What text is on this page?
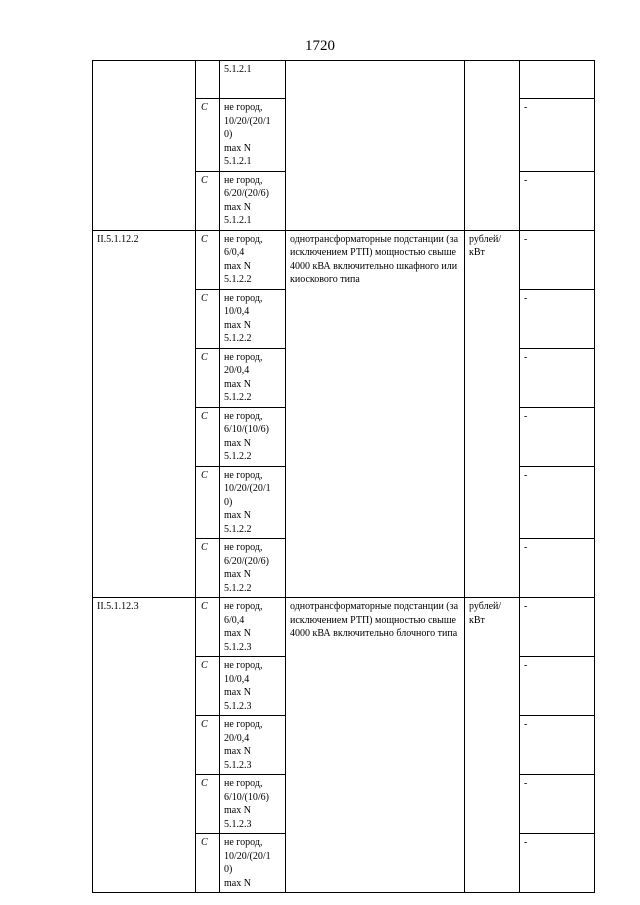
1720
		5.1.2.1			
	C	не город,
10/20/(20/1
0)
max N
5.1.2.1			-
	C	не город,
6/20/(20/6)
max N
5.1.2.1			-
II.5.1.12.2	C	не город,
6/0,4
max N
5.1.2.2	однотрансформаторные подстанции (за исключением РТП) мощностью свыше 4000 кВА включительно шкафного или киоскового типа	рублей/
кВт	-
	C	не город,
10/0,4
max N
5.1.2.2			-
	C	не город,
20/0,4
max N
5.1.2.2			-
	C	не город,
6/10/(10/6)
max N
5.1.2.2			-
	C	не город,
10/20/(20/1
0)
max N
5.1.2.2			-
	C	не город,
6/20/(20/6)
max N
5.1.2.2			-
II.5.1.12.3	C	не город,
6/0,4
max N
5.1.2.3	однотрансформаторные подстанции (за исключением РТП) мощностью свыше 4000 кВА включительно блочного типа	рублей/
кВт	-
	C	не город,
10/0,4
max N
5.1.2.3			-
	C	не город,
20/0,4
max N
5.1.2.3			-
	C	не город,
6/10/(10/6)
max N
5.1.2.3			-
	C	не город,
10/20/(20/1
0)
max N			-
